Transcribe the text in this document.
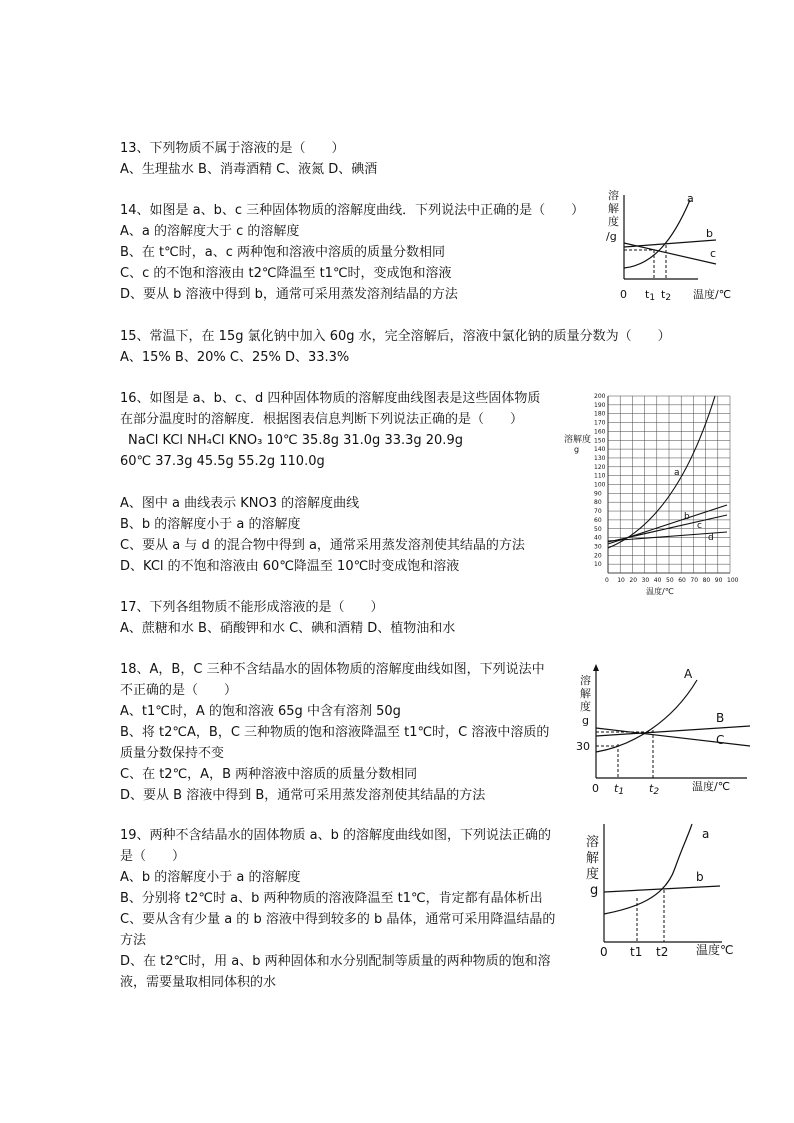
13、下列物质不属于溶液的是（　　）
A、生理盐水 B、消毒酒精 C、液氮 D、碘酒
14、如图是 a、b、c 三种固体物质的溶解度曲线．下列说法中正确的是（　　）
A、a 的溶解度大于 c 的溶解度
B、在 t℃时，a、c 两种饱和溶液中溶质的质量分数相同
C、c 的不饱和溶液由 t2℃降温至 t1℃时，变成饱和溶液
D、要从 b 溶液中得到 b，通常可采用蒸发溶剂结晶的方法
溶
解
度
/g
a
b
c
0 t1 t2 温度/℃
15、常温下，在 15g 氯化钠中加入 60g 水，完全溶解后，溶液中氯化钠的质量分数为（　　）
A、15% B、20% C、25% D、33.3%
16、如图是 a、b、c、d 四种固体物质的溶解度曲线图表是这些固体物质
在部分温度时的溶解度．根据图表信息判断下列说法正确的是（　　）
NaCl KCl NH₄Cl KNO₃ 10℃ 35.8g 31.0g 33.3g 20.9g
60℃ 37.3g 45.5g 55.2g 110.0g
A、图中 a 曲线表示 KNO3 的溶解度曲线
B、b 的溶解度小于 a 的溶解度
C、要从 a 与 d 的混合物中得到 a，通常采用蒸发溶剂使其结晶的方法
D、KCl 的不饱和溶液由 60℃降温至 10℃时变成饱和溶液
0 10 20 30 40 50 60 70 80 90 100
10
20
30
40
50
60
70
80
90
100
110
120
130
140
150
160
170
180
190
200
溶解度
g
温度/℃
a
b
c
d
17、下列各组物质不能形成溶液的是（　　）
A、蔗糖和水 B、硝酸钾和水 C、碘和酒精 D、植物油和水
18、A，B，C 三种不含结晶水的固体物质的溶解度曲线如图，下列说法中
不正确的是（　　）
A、t1℃时，A 的饱和溶液 65g 中含有溶剂 50g
B、将 t2℃A，B，C 三种物质的饱和溶液降温至 t1℃时，C 溶液中溶质的
质量分数保持不变
C、在 t2℃，A，B 两种溶液中溶质的质量分数相同
D、要从 B 溶液中得到 B，通常可采用蒸发溶剂使其结晶的方法
溶
解
度
g
A
B
C
30
0 t1 t2	温度/℃
19、两种不含结晶水的固体物质 a、b 的溶解度曲线如图，下列说法正确的
是（　　）
A、b 的溶解度小于 a 的溶解度
B、分别将 t2℃时 a、b 两种物质的溶液降温至 t1℃，肯定都有晶体析出
C、要从含有少量 a 的 b 溶液中得到较多的 b 晶体，通常可采用降温结晶的
方法
D、在 t2℃时，用 a、b 两种固体和水分别配制等质量的两种物质的饱和溶
液，需要量取相同体积的水
溶
解
度
g
a
b
0 t1 t2 温度℃
